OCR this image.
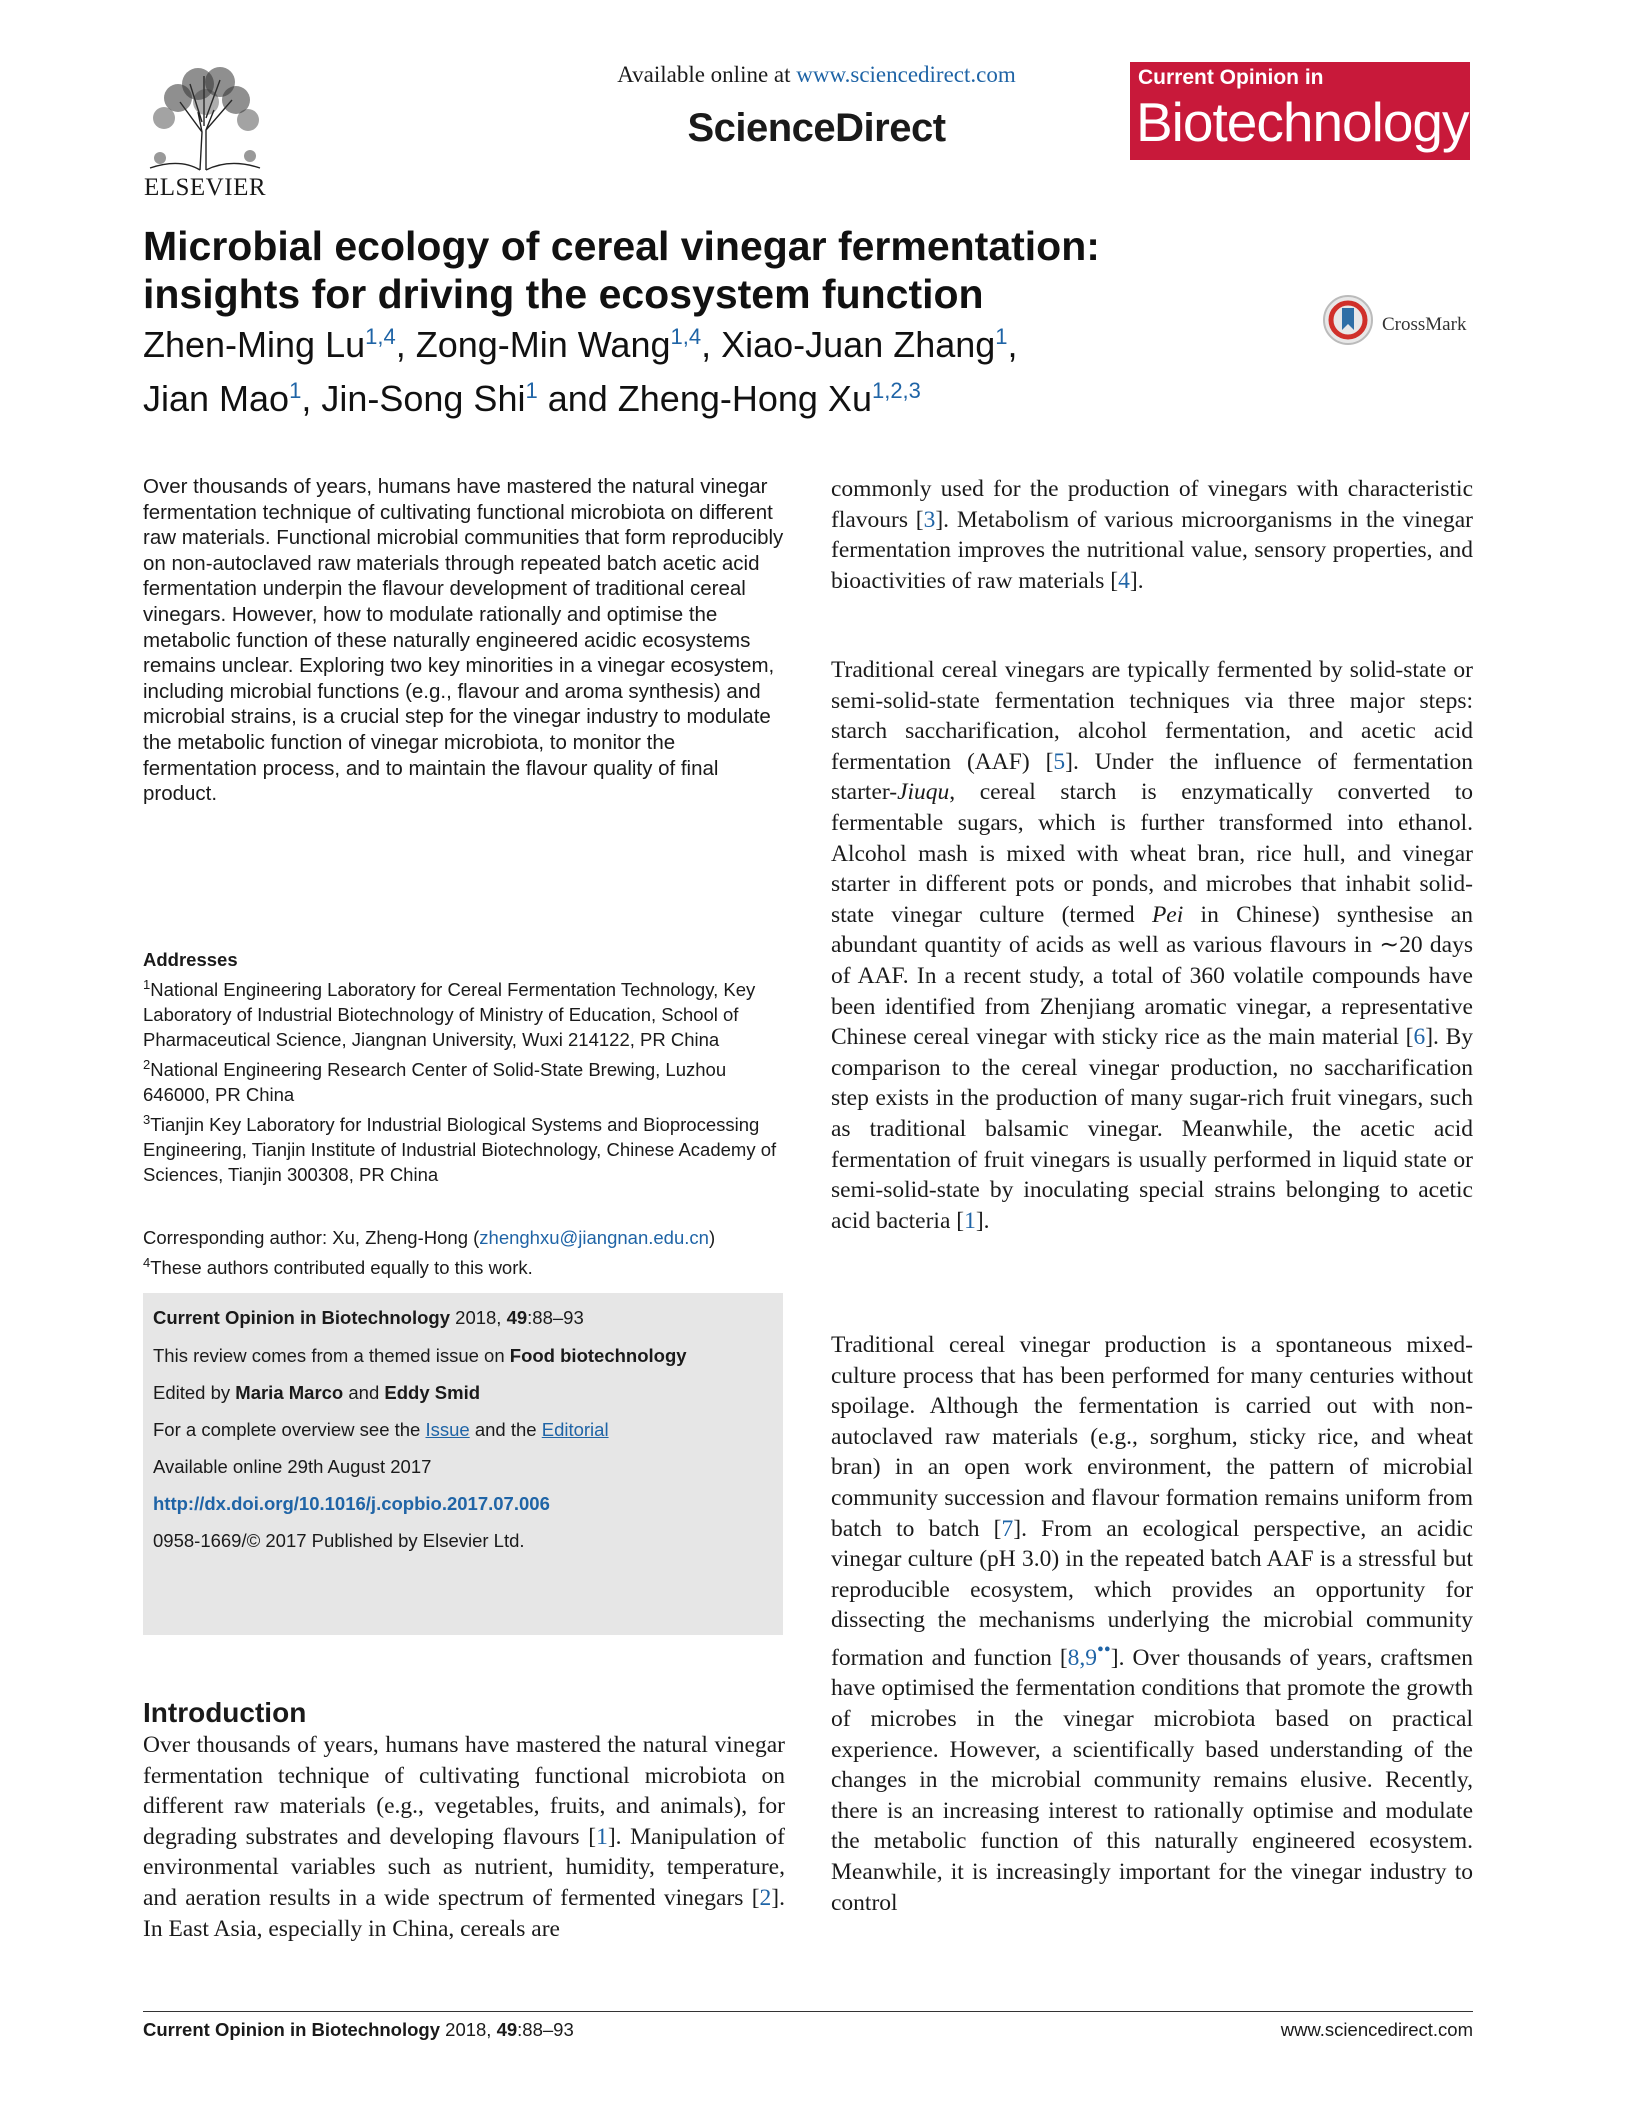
ELSEVIER
Available online at www.sciencedirect.com
ScienceDirect
Current Opinion in
Biotechnology
Microbial ecology of cereal vinegar fermentation: insights for driving the ecosystem function
Zhen-Ming Lu$^{1,4}$, Zong-Min Wang$^{1,4}$, Xiao-Juan Zhang$^1$,
Jian Mao$^1$, Jin-Song Shi$^1$ and Zheng-Hong Xu$^{1,2,3}$
CrossMark
Over thousands of years, humans have mastered the natural vinegar fermentation technique of cultivating functional microbiota on different raw materials. Functional microbial communities that form reproducibly on non-autoclaved raw materials through repeated batch acetic acid fermentation underpin the flavour development of traditional cereal vinegars. However, how to modulate rationally and optimise the metabolic function of these naturally engineered acidic ecosystems remains unclear. Exploring two key minorities in a vinegar ecosystem, including microbial functions (e.g., flavour and aroma synthesis) and microbial strains, is a crucial step for the vinegar industry to modulate the metabolic function of vinegar microbiota, to monitor the fermentation process, and to maintain the flavour quality of final product.
Addresses
$^1$National Engineering Laboratory for Cereal Fermentation Technology, Key Laboratory of Industrial Biotechnology of Ministry of Education, School of Pharmaceutical Science, Jiangnan University, Wuxi 214122, PR China
$^2$National Engineering Research Center of Solid-State Brewing, Luzhou 646000, PR China
$^3$Tianjin Key Laboratory for Industrial Biological Systems and Bioprocessing Engineering, Tianjin Institute of Industrial Biotechnology, Chinese Academy of Sciences, Tianjin 300308, PR China
Corresponding author: Xu, Zheng-Hong (zhenghxu@jiangnan.edu.cn)
$^4$These authors contributed equally to this work.
Current Opinion in Biotechnology 2018, 49:88–93
This review comes from a themed issue on Food biotechnology
Edited by Maria Marco and Eddy Smid
For a complete overview see the Issue and the Editorial
Available online 29th August 2017
http://dx.doi.org/10.1016/j.copbio.2017.07.006
0958-1669/© 2017 Published by Elsevier Ltd.
Introduction
Over thousands of years, humans have mastered the natural vinegar fermentation technique of cultivating functional microbiota on different raw materials (e.g., vegetables, fruits, and animals), for degrading substrates and developing flavours [1]. Manipulation of environmental variables such as nutrient, humidity, temperature, and aeration results in a wide spectrum of fermented vinegars [2]. In East Asia, especially in China, cereals are
commonly used for the production of vinegars with characteristic flavours [3]. Metabolism of various microorganisms in the vinegar fermentation improves the nutritional value, sensory properties, and bioactivities of raw materials [4].
Traditional cereal vinegars are typically fermented by solid-state or semi-solid-state fermentation techniques via three major steps: starch saccharification, alcohol fermentation, and acetic acid fermentation (AAF) [5]. Under the influence of fermentation starter-Jiuqu, cereal starch is enzymatically converted to fermentable sugars, which is further transformed into ethanol. Alcohol mash is mixed with wheat bran, rice hull, and vinegar starter in different pots or ponds, and microbes that inhabit solid-state vinegar culture (termed Pei in Chinese) synthesise an abundant quantity of acids as well as various flavours in ∼20 days of AAF. In a recent study, a total of 360 volatile compounds have been identified from Zhenjiang aromatic vinegar, a representative Chinese cereal vinegar with sticky rice as the main material [6]. By comparison to the cereal vinegar production, no saccharification step exists in the production of many sugar-rich fruit vinegars, such as traditional balsamic vinegar. Meanwhile, the acetic acid fermentation of fruit vinegars is usually performed in liquid state or semi-solid-state by inoculating special strains belonging to acetic acid bacteria [1].
Traditional cereal vinegar production is a spontaneous mixed-culture process that has been performed for many centuries without spoilage. Although the fermentation is carried out with non-autoclaved raw materials (e.g., sorghum, sticky rice, and wheat bran) in an open work environment, the pattern of microbial community succession and flavour formation remains uniform from batch to batch [7]. From an ecological perspective, an acidic vinegar culture (pH 3.0) in the repeated batch AAF is a stressful but reproducible ecosystem, which provides an opportunity for dissecting the mechanisms underlying the microbial community formation and function [8,9••]. Over thousands of years, craftsmen have optimised the fermentation conditions that promote the growth of microbes in the vinegar microbiota based on practical experience. However, a scientifically based understanding of the changes in the microbial community remains elusive. Recently, there is an increasing interest to rationally optimise and modulate the metabolic function of this naturally engineered ecosystem. Meanwhile, it is increasingly important for the vinegar industry to control
Current Opinion in Biotechnology 2018, 49:88–93	www.sciencedirect.com
